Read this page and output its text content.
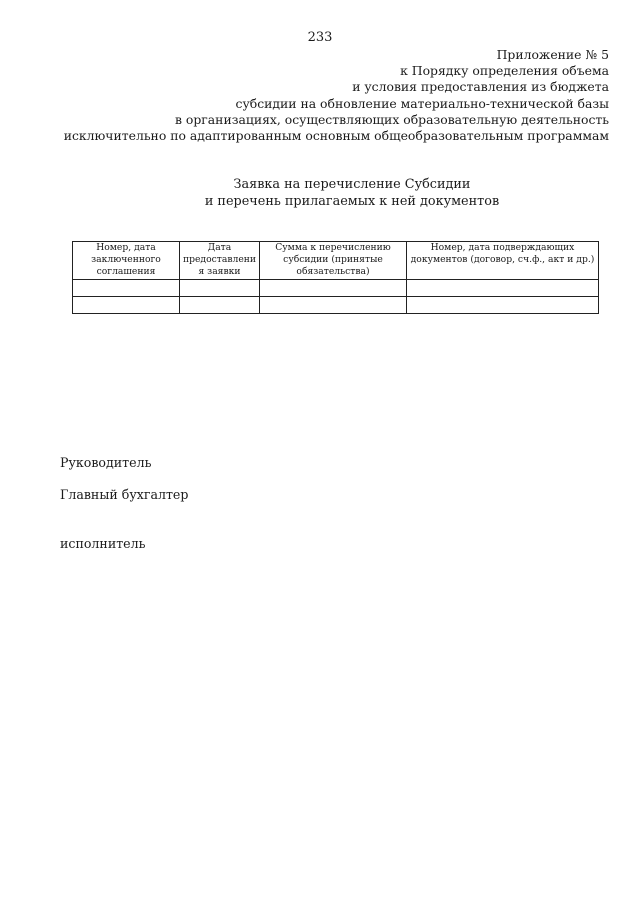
233
Приложение № 5
к Порядку определения объема
и условия предоставления из бюджета
субсидии на обновление материально-технической базы
в организациях, осуществляющих образовательную деятельность
исключительно по адаптированным основным общеобразовательным программам
Заявка на перечисление Субсидии
и перечень прилагаемых к ней документов
Номер, дата заключенного соглашения	Дата предоставлени я заявки	Сумма к перечислению субсидии (принятые обязательства)	Номер, дата подверждающих документов (договор, сч.ф., акт и др.)

Руководитель
Главный бухгалтер
исполнитель
